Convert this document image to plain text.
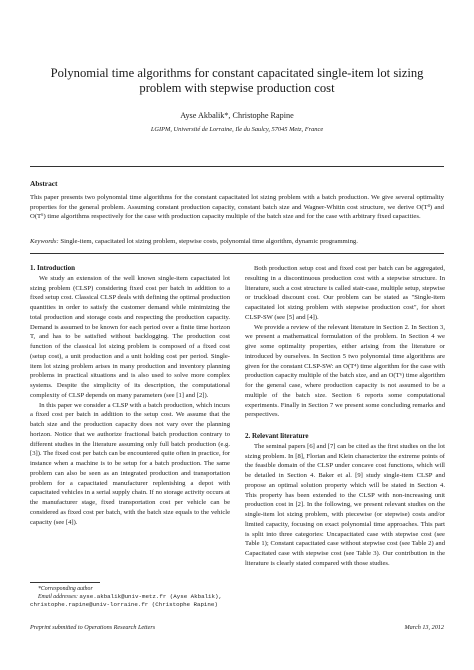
Polynomial time algorithms for constant capacitated single-item lot sizing problem with stepwise production cost
Ayse Akbalik*, Christophe Rapine
LGIPM, Université de Lorraine, Ile du Saulcy, 57045 Metz, France
Abstract
This paper presents two polynomial time algorithms for the constant capacitated lot sizing problem with a batch production. We give several optimality properties for the general problem. Assuming constant production capacity, constant batch size and Wagner-Whitin cost structure, we derive O(T⁴) and O(T⁶) time algorithms respectively for the case with production capacity multiple of the batch size and for the case with arbitrary fixed capacities.
Keywords: Single-item, capacitated lot sizing problem, stepwise costs, polynomial time algorithm, dynamic programming.

1. Introduction

We study an extension of the well known single-item capacitated lot sizing problem (CLSP) considering fixed cost per batch in addition to a fixed setup cost. Classical CLSP deals with defining the optimal production quantities in order to satisfy the customer demand while minimizing the total production and storage costs and respecting the production capacity. Demand is assumed to be known for each period over a finite time horizon T, and has to be satisfied without backlogging. The production cost function of the classical lot sizing problem is composed of a fixed cost (setup cost), a unit production and a unit holding cost per period. Single-item lot sizing problem arises in many production and inventory planning problems in practical situations and is also used to solve more complex systems. Despite the simplicity of its description, the computational complexity of CLSP depends on many parameters (see [1] and [2]).

In this paper we consider a CLSP with a batch production, which incurs a fixed cost per batch in addition to the setup cost. We assume that the batch size and the production capacity does not vary over the planning horizon. Notice that we authorize fractional batch production contrary to different studies in the literature assuming only full batch production (e.g. [3]). The fixed cost per batch can be encountered quite often in practice, for instance when a machine is to be setup for a batch production. The same problem can also be seen as an integrated production and transportation problem for a capacitated manufacturer replenishing a depot with capacitated vehicles in a serial supply chain. If no storage activity occurs at the manufacturer stage, fixed transportation cost per vehicle can be considered as fixed cost per batch, with the batch size equals to the vehicle capacity (see [4]).

Both production setup cost and fixed cost per batch can be aggregated, resulting in a discontinuous production cost with a stepwise structure. In literature, such a cost structure is called stair-case, multiple setup, stepwise or truckload discount cost. Our problem can be stated as "Single-item capacitated lot sizing problem with stepwise production cost", for short CLSP-SW (see [5] and [4]).

We provide a review of the relevant literature in Section 2. In Section 3, we present a mathematical formulation of the problem. In Section 4 we give some optimality properties, either arising from the literature or introduced by ourselves. In Section 5 two polynomial time algorithms are given for the constant CLSP-SW: an O(T⁴) time algorithm for the case with production capacity multiple of the batch size, and an O(T⁶) time algorithm for the general case, where production capacity is not assumed to be a multiple of the batch size. Section 6 reports some computational experiments. Finally in Section 7 we present some concluding remarks and perspectives.

2. Relevant literature

The seminal papers [6] and [7] can be cited as the first studies on the lot sizing problem. In [8], Florian and Klein characterize the extreme points of the feasible domain of the CLSP under concave cost functions, which will be detailed in Section 4. Baker et al. [9] study single-item CLSP and propose an optimal solution property which will be stated in Section 4. This property has been extended to the CLSP with non-increasing unit production cost in [2]. In the following, we present relevant studies on the single-item lot sizing problem, with piecewise (or stepwise) costs and/or limited capacity, focusing on exact polynomial time approaches. This part is split into three categories: Uncapacitated case with stepwise cost (see Table 1); Constant capacitated case without stepwise cost (see Table 2) and Capacitated case with stepwise cost (see Table 3). Our contribution in the literature is clearly stated compared with those studies.

*Corresponding author
Email addresses: ayse.akbalik@univ-metz.fr (Ayse Akbalik),
christophe.rapine@univ-lorraine.fr (Christophe Rapine)
Preprint submitted to Operations Research Letters	March 13, 2012
